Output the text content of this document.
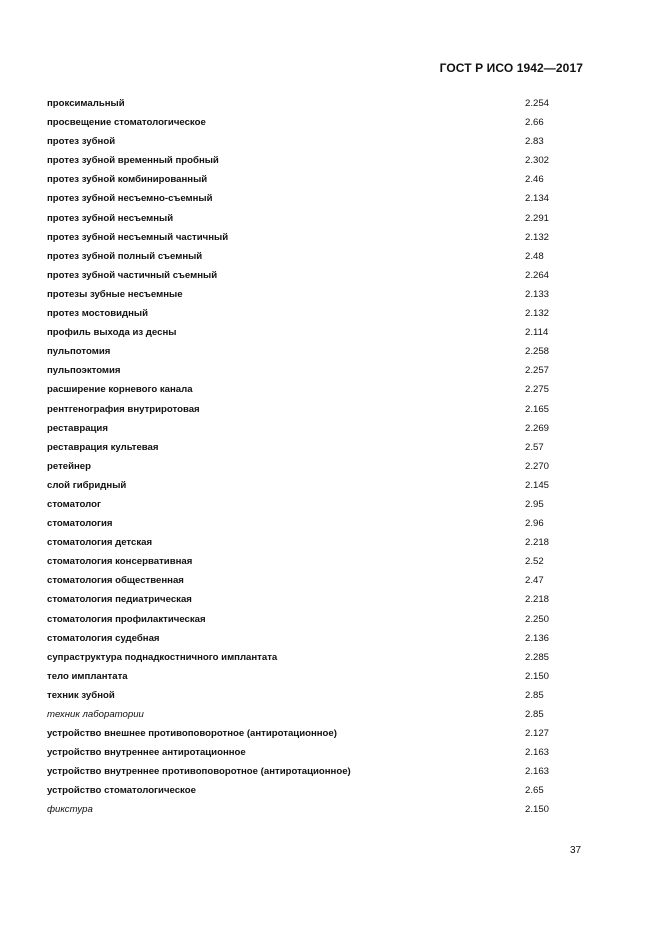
ГОСТ Р ИСО 1942—2017
проксимальный	2.254
просвещение стоматологическое	2.66
протез зубной	2.83
протез зубной временный пробный	2.302
протез зубной комбинированный	2.46
протез зубной несъемно-съемный	2.134
протез зубной несъемный	2.291
протез зубной несъемный частичный	2.132
протез зубной полный съемный	2.48
протез зубной частичный съемный	2.264
протезы зубные несъемные	2.133
протез мостовидный	2.132
профиль выхода из десны	2.114
пульпотомия	2.258
пульпоэктомия	2.257
расширение корневого канала	2.275
рентгенография внутриротовая	2.165
реставрация	2.269
реставрация культевая	2.57
ретейнер	2.270
слой гибридный	2.145
стоматолог	2.95
стоматология	2.96
стоматология детская	2.218
стоматология консервативная	2.52
стоматология общественная	2.47
стоматология педиатрическая	2.218
стоматология профилактическая	2.250
стоматология судебная	2.136
супраструктура поднадкостничного имплантата	2.285
тело имплантата	2.150
техник зубной	2.85
техник лаборатории	2.85
устройство внешнее противоповоротное (антиротационное)	2.127
устройство внутреннее антиротационное	2.163
устройство внутреннее противоповоротное (антиротационное)	2.163
устройство стоматологическое	2.65
фикстура	2.150
37
